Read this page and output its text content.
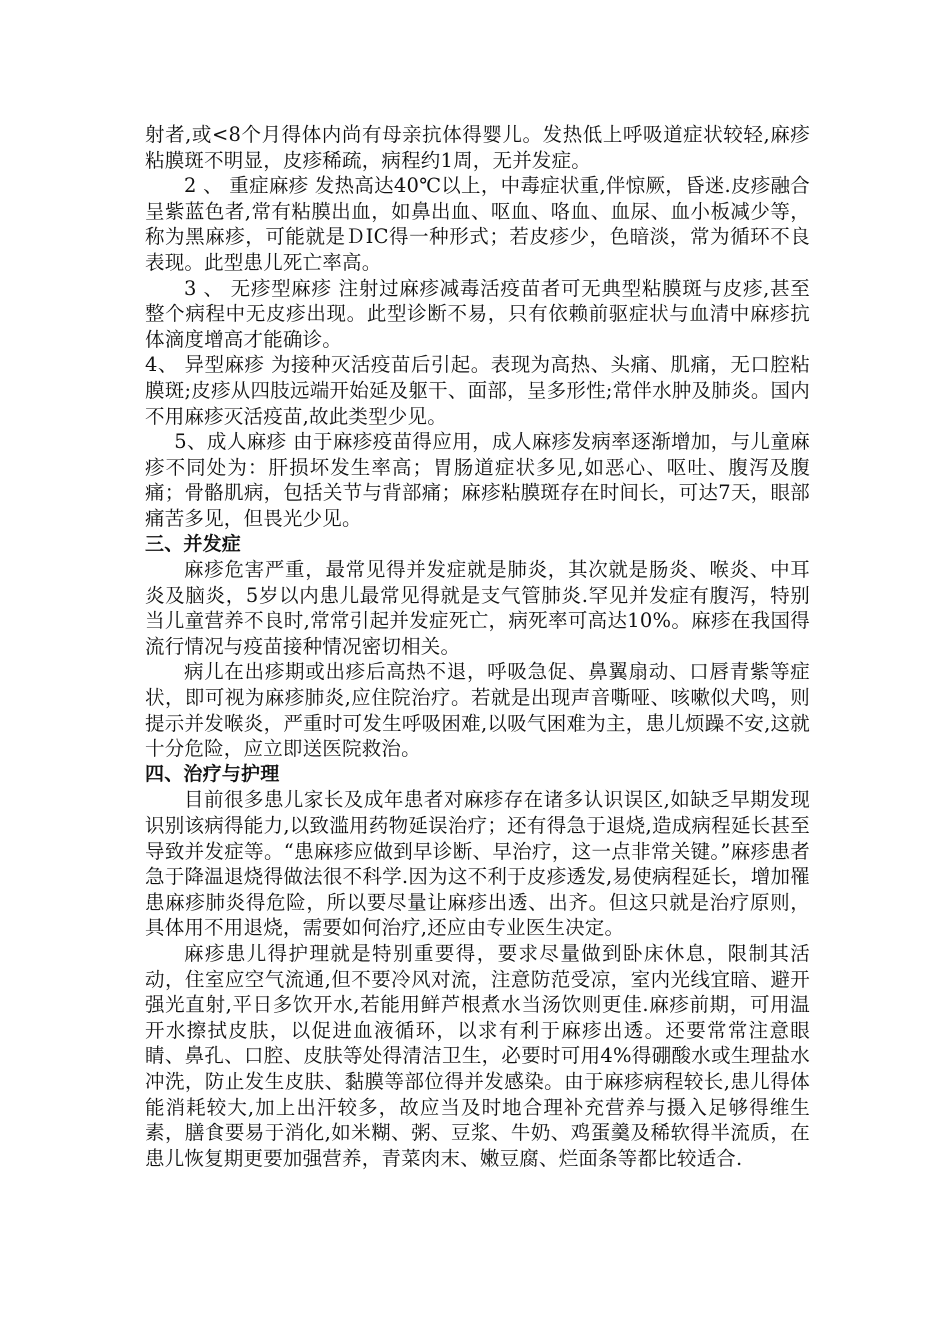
射者,或<8个月得体内尚有母亲抗体得婴儿。发热低上呼吸道症状较轻,麻疹粘膜斑不明显，皮疹稀疏，病程约1周，无并发症。

2 、 重症麻疹 发热高达40℃以上，中毒症状重,伴惊厥，昏迷.皮疹融合呈紫蓝色者,常有粘膜出血，如鼻出血、呕血、咯血、血尿、血小板减少等，称为黑麻疹，可能就是ＤIC得一种形式；若皮疹少，色暗淡，常为循环不良表现。此型患儿死亡率高。

3 、 无疹型麻疹 注射过麻疹减毒活疫苗者可无典型粘膜斑与皮疹,甚至整个病程中无皮疹出现。此型诊断不易，只有依赖前驱症状与血清中麻疹抗体滴度增高才能确诊。

4、 异型麻疹 为接种灭活疫苗后引起。表现为高热、头痛、肌痛，无口腔粘膜斑;皮疹从四肢远端开始延及躯干、面部，呈多形性;常伴水肿及肺炎。国内不用麻疹灭活疫苗,故此类型少见。

5、成人麻疹 由于麻疹疫苗得应用，成人麻疹发病率逐渐增加，与儿童麻疹不同处为：肝损坏发生率高；胃肠道症状多见,如恶心、呕吐、腹泻及腹痛；骨骼肌病，包括关节与背部痛；麻疹粘膜斑存在时间长，可达7天，眼部痛苦多见，但畏光少见。

三、并发症

麻疹危害严重，最常见得并发症就是肺炎，其次就是肠炎、喉炎、中耳炎及脑炎，5岁以内患儿最常见得就是支气管肺炎.罕见并发症有腹泻，特别当儿童营养不良时,常常引起并发症死亡，病死率可高达10%。麻疹在我国得流行情况与疫苗接种情况密切相关。

病儿在出疹期或出疹后高热不退，呼吸急促、鼻翼扇动、口唇青紫等症状，即可视为麻疹肺炎,应住院治疗。若就是出现声音嘶哑、咳嗽似犬鸣，则提示并发喉炎，严重时可发生呼吸困难,以吸气困难为主，患儿烦躁不安,这就十分危险，应立即送医院救治。

四、治疗与护理

目前很多患儿家长及成年患者对麻疹存在诸多认识误区,如缺乏早期发现识别该病得能力,以致滥用药物延误治疗；还有得急于退烧,造成病程延长甚至导致并发症等。“患麻疹应做到早诊断、早治疗，这一点非常关键。”麻疹患者急于降温退烧得做法很不科学.因为这不利于皮疹透发,易使病程延长，增加罹患麻疹肺炎得危险，所以要尽量让麻疹出透、出齐。但这只就是治疗原则，具体用不用退烧，需要如何治疗,还应由专业医生决定。

麻疹患儿得护理就是特别重要得，要求尽量做到卧床休息，限制其活动，住室应空气流通,但不要冷风对流，注意防范受凉，室内光线宜暗、避开强光直射,平日多饮开水,若能用鲜芦根煮水当汤饮则更佳.麻疹前期，可用温开水擦拭皮肤，以促进血液循环，以求有利于麻疹出透。还要常常注意眼睛、鼻孔、口腔、皮肤等处得清洁卫生，必要时可用4%得硼酸水或生理盐水冲洗，防止发生皮肤、黏膜等部位得并发感染。由于麻疹病程较长,患儿得体能消耗较大,加上出汗较多，故应当及时地合理补充营养与摄入足够得维生素，膳食要易于消化,如米糊、粥、豆浆、牛奶、鸡蛋羹及稀软得半流质，在患儿恢复期更要加强营养，青菜肉末、嫩豆腐、烂面条等都比较适合.
